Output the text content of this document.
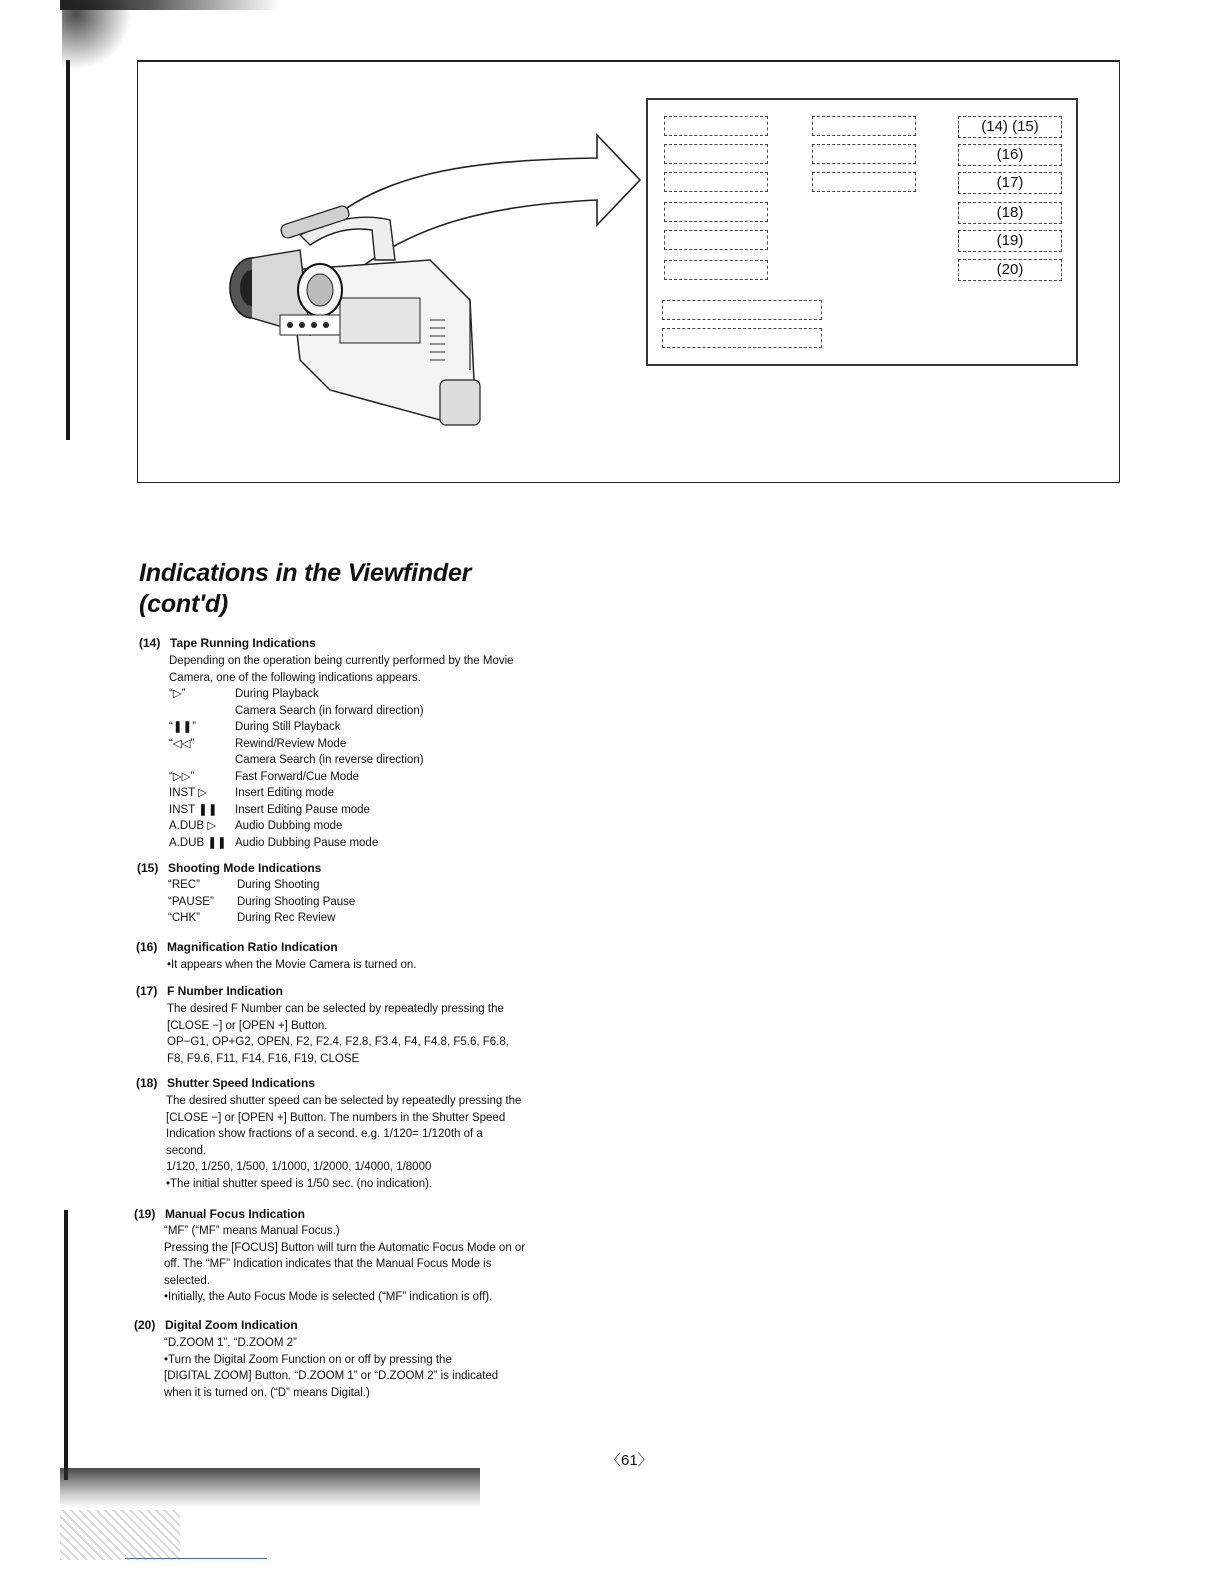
(14) (15)
(16)
(17)
(18)
(19)
(20)
Indications in the Viewfinder
(cont'd)
(14) Tape Running Indications
Depending on the operation being currently performed by the Movie
Camera, one of the following indications appears.
“▷”

“❚❚”
“◁◁”

“▷▷”
INST ▷
INST ❚❚
A.DUB ▷
A.DUB ❚❚
During Playback
Camera Search (in forward direction)
During Still Playback
Rewind/Review Mode
Camera Search (in reverse direction)
Fast Forward/Cue Mode
Insert Editing mode
Insert Editing Pause mode
Audio Dubbing mode
Audio Dubbing Pause mode
(15) Shooting Mode Indications
“REC”
“PAUSE”
“CHK”
During Shooting
During Shooting Pause
During Rec Review
(16) Magnification Ratio Indication
•It appears when the Movie Camera is turned on.
(17) F Number Indication
The desired F Number can be selected by repeatedly pressing the
[CLOSE −] or [OPEN +] Button.
OP−G1, OP+G2, OPEN, F2, F2.4, F2.8, F3.4, F4, F4.8, F5.6, F6.8,
F8, F9.6, F11, F14, F16, F19, CLOSE
(18) Shutter Speed Indications
The desired shutter speed can be selected by repeatedly pressing the
[CLOSE −] or [OPEN +] Button. The numbers in the Shutter Speed
Indication show fractions of a second. e.g. 1/120= 1/120th of a
second.
1/120, 1/250, 1/500, 1/1000, 1/2000, 1/4000, 1/8000
•The initial shutter speed is 1/50 sec. (no indication).
(19) Manual Focus Indication
“MF” (“MF” means Manual Focus.)
Pressing the [FOCUS] Button will turn the Automatic Focus Mode on or
off. The “MF” Indication indicates that the Manual Focus Mode is
selected.
•Initially, the Auto Focus Mode is selected (“MF” indication is off).
(20) Digital Zoom Indication
“D.ZOOM 1”, “D.ZOOM 2”
•Turn the Digital Zoom Function on or off by pressing the
[DIGITAL ZOOM] Button. “D.ZOOM 1” or “D.ZOOM 2” is indicated
when it is turned on. (“D” means Digital.)
〈61〉
